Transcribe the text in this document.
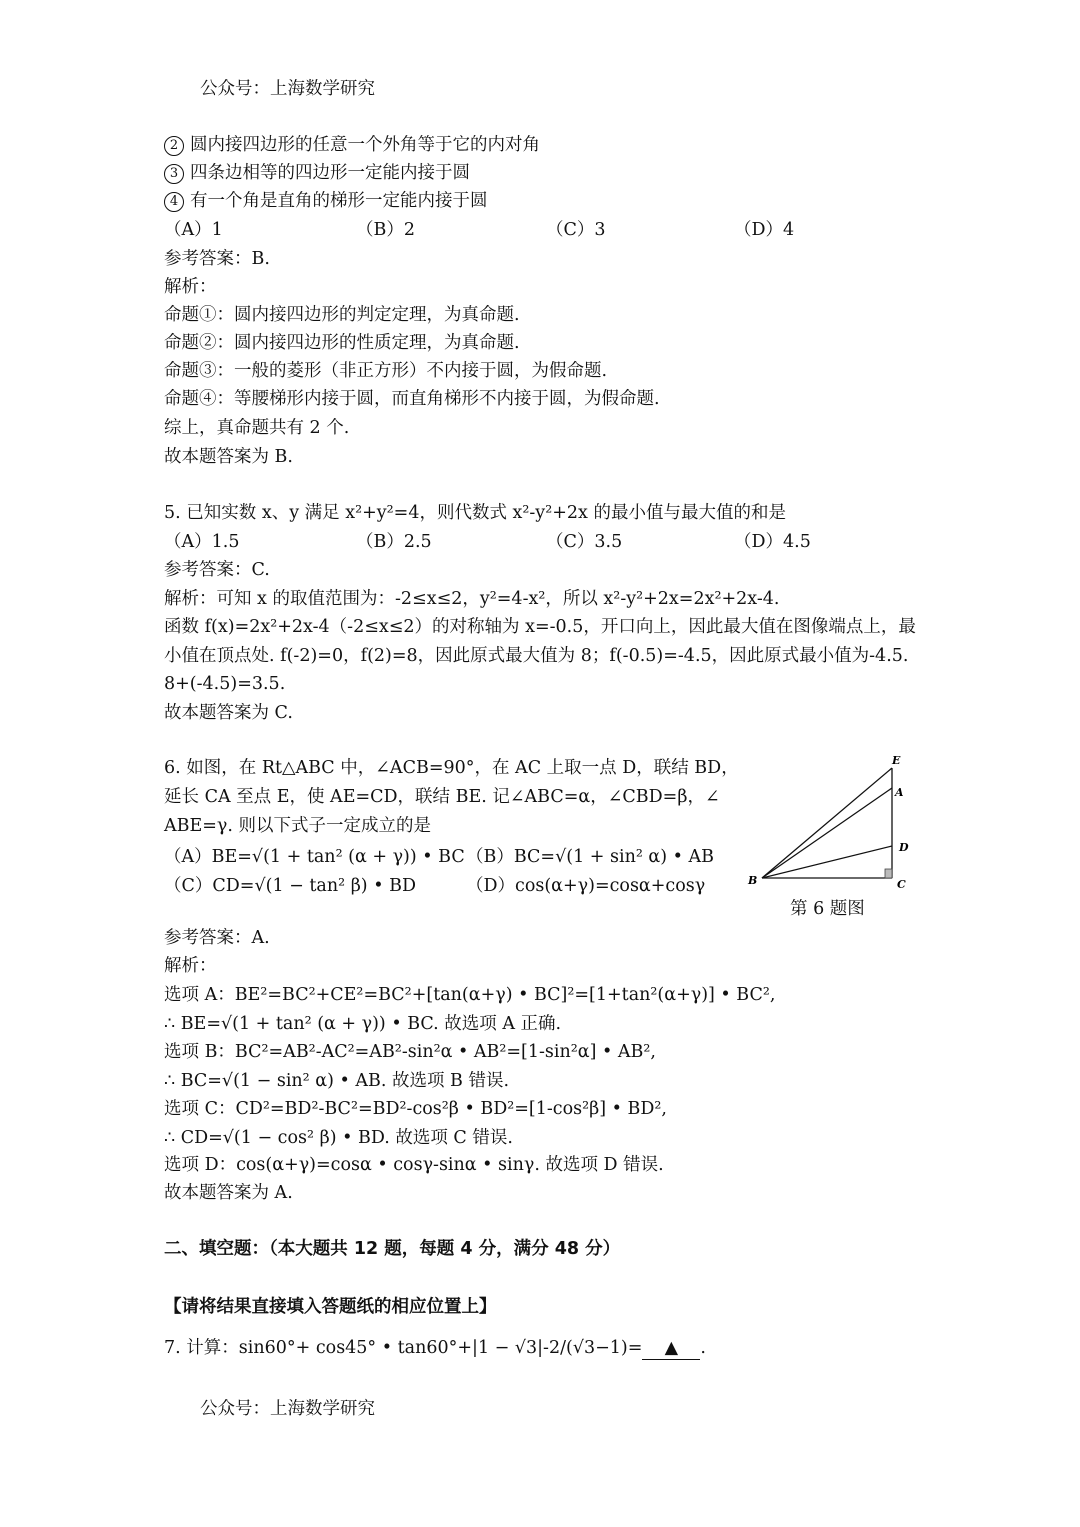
公众号：上海数学研究
2 圆内接四边形的任意一个外角等于它的内对角
3 四条边相等的四边形一定能内接于圆
4 有一个角是直角的梯形一定能内接于圆
（A）1	（B）2	（C）3	（D）4
参考答案：B.
解析：
命题①：圆内接四边形的判定定理，为真命题.
命题②：圆内接四边形的性质定理，为真命题.
命题③：一般的菱形（非正方形）不内接于圆，为假命题.
命题④：等腰梯形内接于圆，而直角梯形不内接于圆，为假命题.
综上，真命题共有 2 个.
故本题答案为 B.
5. 已知实数 x、y 满足 x²+y²=4，则代数式 x²-y²+2x 的最小值与最大值的和是
（A）1.5	（B）2.5	（C）3.5	（D）4.5
参考答案：C.
解析：可知 x 的取值范围为：-2≤x≤2，y²=4-x²，所以 x²-y²+2x=2x²+2x-4.
函数 f(x)=2x²+2x-4（-2≤x≤2）的对称轴为 x=-0.5，开口向上，因此最大值在图像端点上，最
小值在顶点处. f(-2)=0，f(2)=8，因此原式最大值为 8；f(-0.5)=-4.5，因此原式最小值为-4.5.
8+(-4.5)=3.5.
故本题答案为 C.
6. 如图，在 Rt△ABC 中，∠ACB=90°，在 AC 上取一点 D，联结 BD，
延长 CA 至点 E，使 AE=CD，联结 BE. 记∠ABC=α，∠CBD=β，∠
ABE=γ. 则以下式子一定成立的是
（A）BE=√(1 + tan² (α + γ)) • BC （B）BC=√(1 + sin² α) • AB
（C）CD=√(1 − tan² β) • BD	（D）cos(α+γ)=cosα+cosγ
E
A
D
B	C
第 6 题图
参考答案：A.
解析：
选项 A：BE²=BC²+CE²=BC²+[tan(α+γ) • BC]²=[1+tan²(α+γ)] • BC²,
∴ BE=√(1 + tan² (α + γ)) • BC. 故选项 A 正确.
选项 B：BC²=AB²-AC²=AB²-sin²α • AB²=[1-sin²α] • AB²,
∴ BC=√(1 − sin² α) • AB. 故选项 B 错误.
选项 C：CD²=BD²-BC²=BD²-cos²β • BD²=[1-cos²β] • BD²,
∴ CD=√(1 − cos² β) • BD. 故选项 C 错误.
选项 D：cos(α+γ)=cosα • cosγ-sinα • sinγ. 故选项 D 错误.
故本题答案为 A.
二、填空题：（本大题共 12 题，每题 4 分，满分 48 分）
【请将结果直接填入答题纸的相应位置上】
7. 计算：sin60°+ cos45° • tan60°+|1 − √3|-2/(√3−1)= ▲ .
公众号：上海数学研究
